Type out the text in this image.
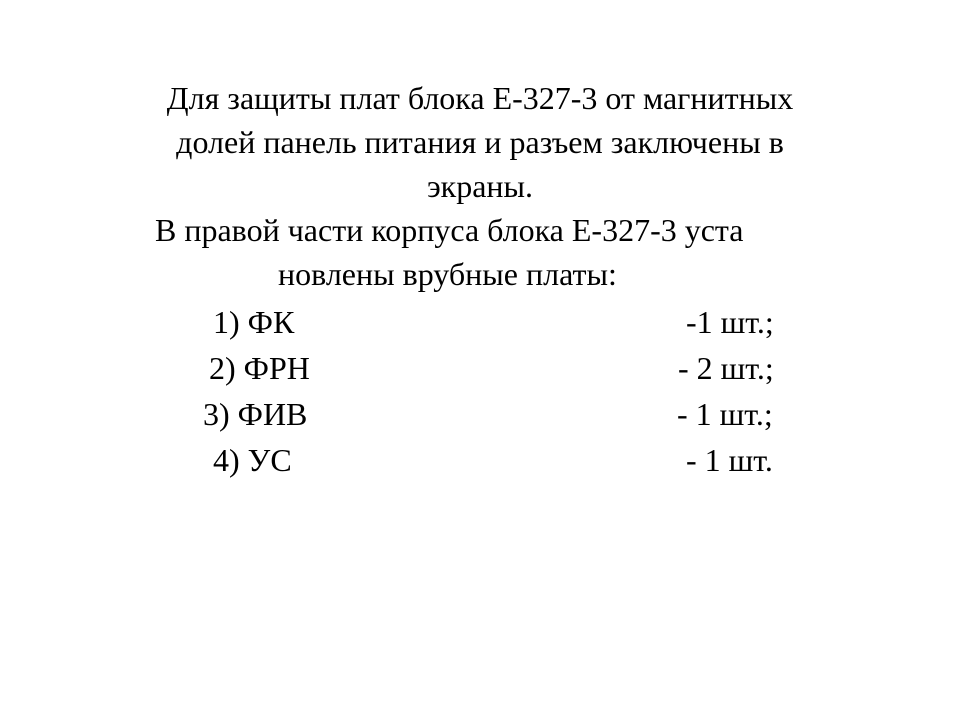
Для защиты плат блока Е-327-3 от магнитных
долей панель питания и разъем заключены в
экраны.
В правой части корпуса блока Е-327-3 уста
новлены врубные платы:
1) ФК	-1 шт.;
2) ФРН	- 2 шт.;
3) ФИВ	- 1 шт.;
4) УС	- 1 шт.
